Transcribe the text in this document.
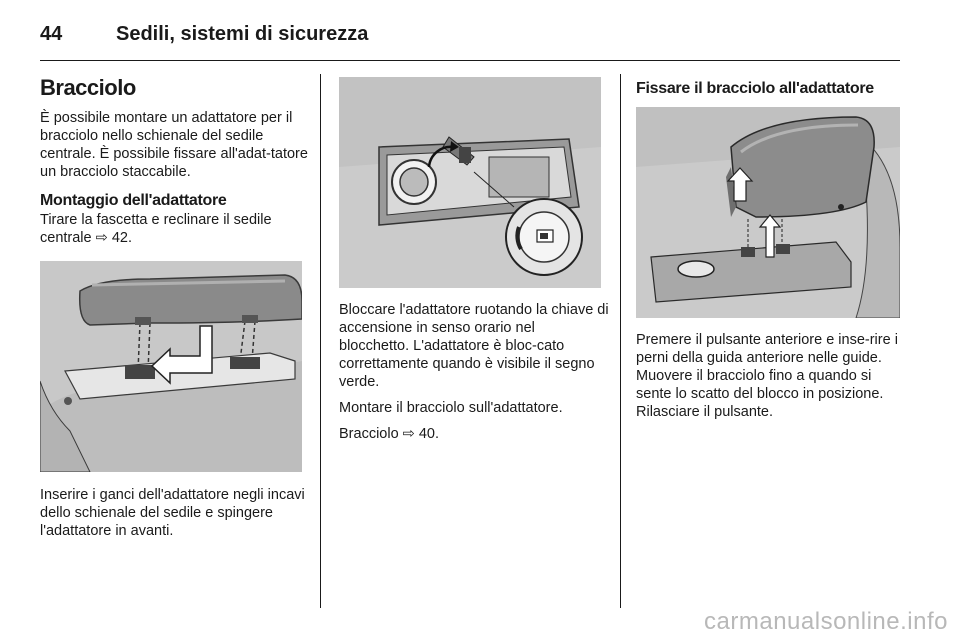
44	Sedili, sistemi di sicurezza
Bracciolo

È possibile montare un adattatore per il bracciolo nello schienale del sedile centrale. È possibile fissare all'adat-tatore un bracciolo staccabile.

Montaggio dell'adattatore

Tirare la fascetta e reclinare il sedile centrale ⇨ 42.

Inserire i ganci dell'adattatore negli incavi dello schienale del sedile e spingere l'adattatore in avanti.

Bloccare l'adattatore ruotando la chiave di accensione in senso orario nel blocchetto. L'adattatore è bloc-cato correttamente quando è visibile il segno verde.

Montare il bracciolo sull'adattatore.

Bracciolo ⇨ 40.

Fissare il bracciolo all'adattatore

Premere il pulsante anteriore e inse-rire i perni della guida anteriore nelle guide. Muovere il bracciolo fino a quando si sente lo scatto del blocco in posizione. Rilasciare il pulsante.

carmanualsonline.info
